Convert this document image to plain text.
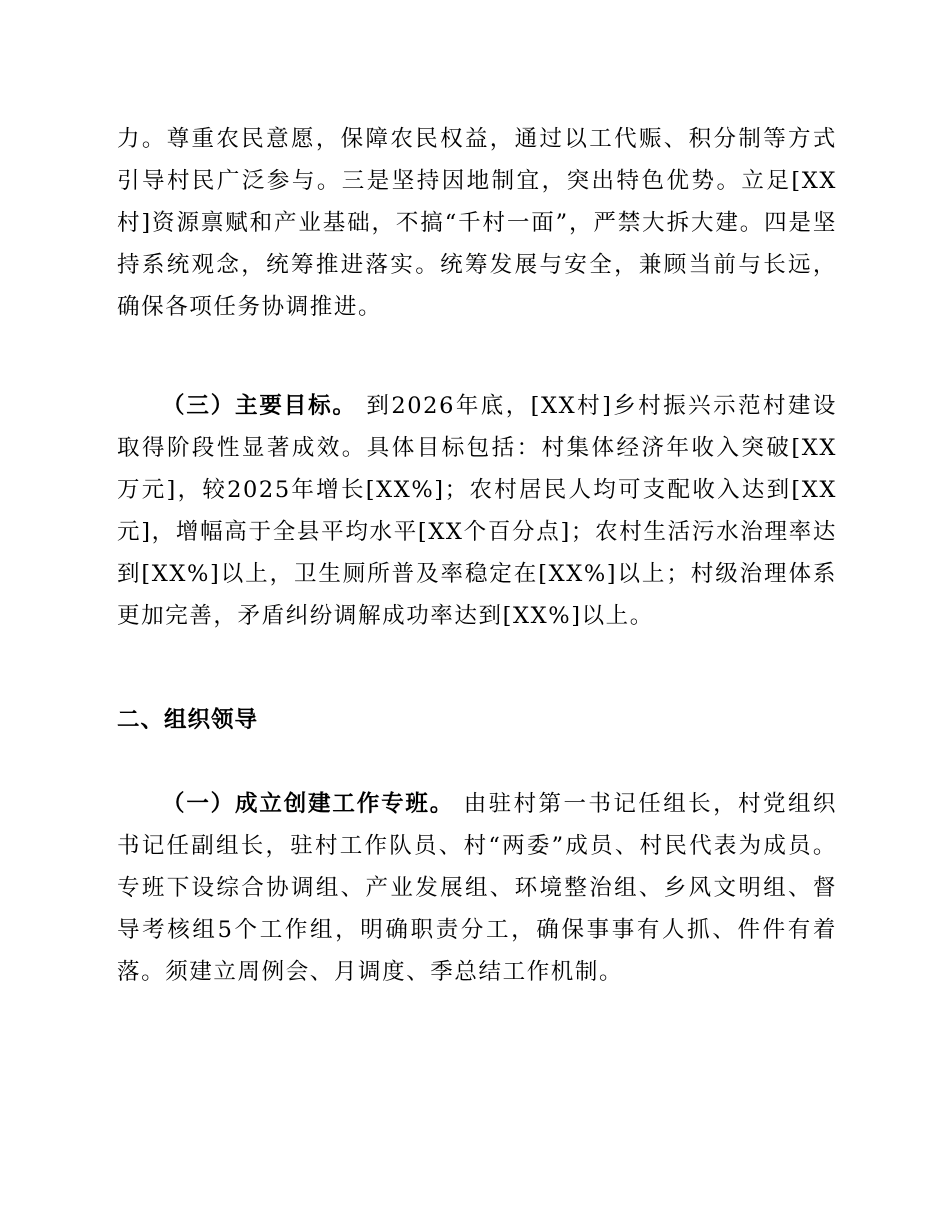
力。尊重农民意愿，保障农民权益，通过以工代赈、积分制等方式引导村民广泛参与。三是坚持因地制宜，突出特色优势。立足[XX村]资源禀赋和产业基础，不搞“千村一面”，严禁大拆大建。四是坚持系统观念，统筹推进落实。统筹发展与安全，兼顾当前与长远，确保各项任务协调推进。

（三）主要目标。 到2026年底，[XX村]乡村振兴示范村建设取得阶段性显著成效。具体目标包括：村集体经济年收入突破[XX万元]，较2025年增长[XX%]；农村居民人均可支配收入达到[XX元]，增幅高于全县平均水平[XX个百分点]；农村生活污水治理率达到[XX%]以上，卫生厕所普及率稳定在[XX%]以上；村级治理体系更加完善，矛盾纠纷调解成功率达到[XX%]以上。

二、组织领导

（一）成立创建工作专班。 由驻村第一书记任组长，村党组织书记任副组长，驻村工作队员、村“两委”成员、村民代表为成员。专班下设综合协调组、产业发展组、环境整治组、乡风文明组、督导考核组5个工作组，明确职责分工，确保事事有人抓、件件有着落。须建立周例会、月调度、季总结工作机制。
